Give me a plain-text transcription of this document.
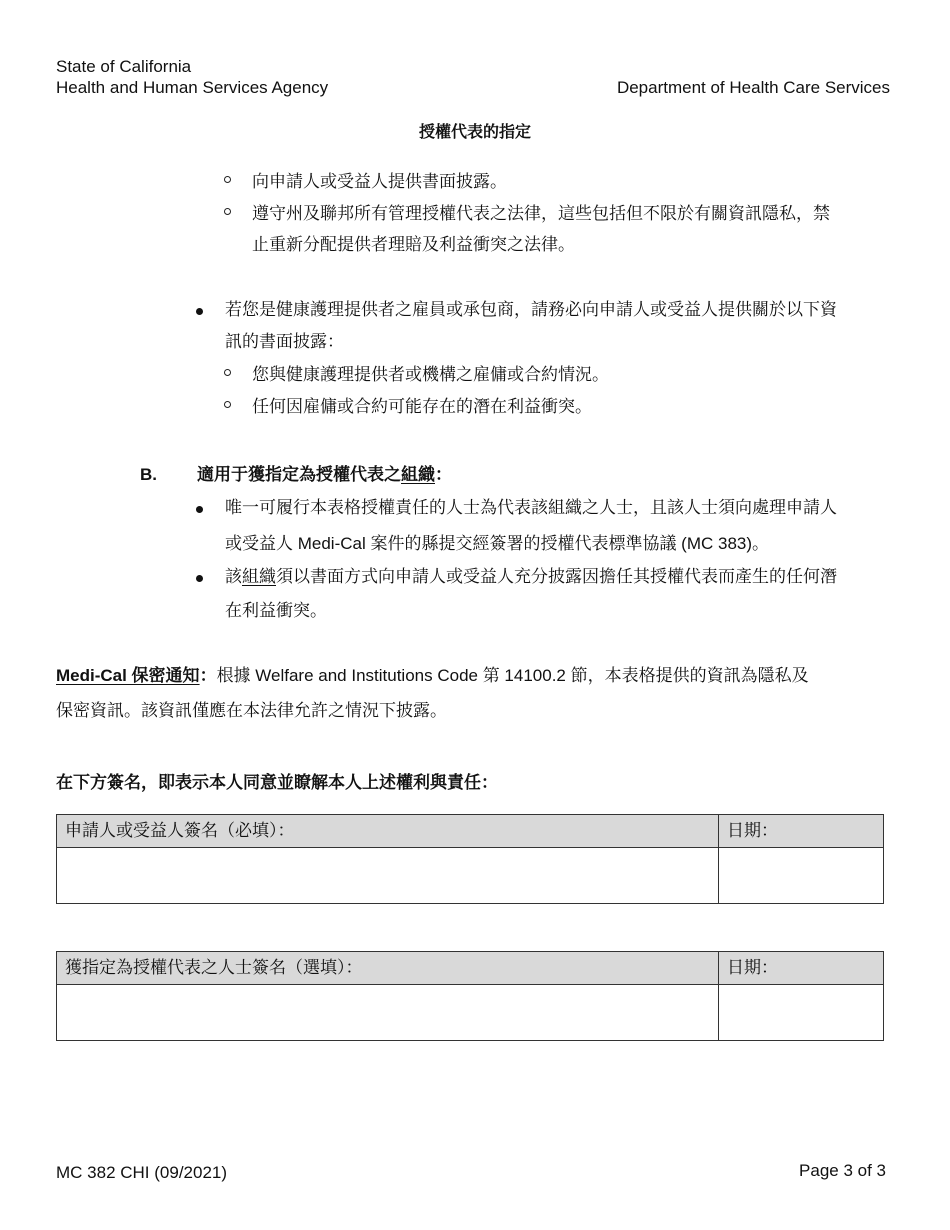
State of California
Health and Human Services Agency	Department of Health Care Services
授權代表的指定
向申請人或受益人提供書面披露。
遵守州及聯邦所有管理授權代表之法律，這些包括但不限於有關資訊隱私，禁
止重新分配提供者理賠及利益衝突之法律。
若您是健康護理提供者之雇員或承包商，請務必向申請人或受益人提供關於以下資
訊的書面披露：
您與健康護理提供者或機構之雇傭或合約情況。
任何因雇傭或合約可能存在的潛在利益衝突。
B. 適用于獲指定為授權代表之組織：
唯一可履行本表格授權責任的人士為代表該組織之人士，且該人士須向處理申請人
或受益人 Medi-Cal 案件的縣提交經簽署的授權代表標準協議 (MC 383)。
該組織須以書面方式向申請人或受益人充分披露因擔任其授權代表而產生的任何潛
在利益衝突。
Medi-Cal 保密通知：根據 Welfare and Institutions Code 第 14100.2 節，本表格提供的資訊為隱私及
保密資訊。該資訊僅應在本法律允許之情況下披露。
在下方簽名，即表示本人同意並瞭解本人上述權利與責任：
申請人或受益人簽名（必填）：	日期：
獲指定為授權代表之人士簽名（選填）：	日期：
MC 382 CHI (09/2021)	Page 3 of 3
